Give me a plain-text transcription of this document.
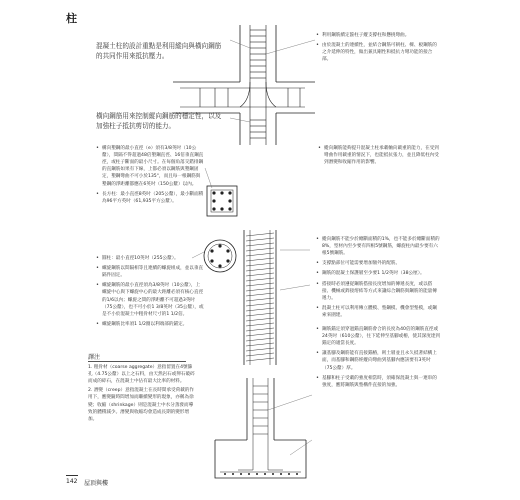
柱

混凝土柱的設計重點是利用縱向與橫向鋼筋的共同作用來抵抗壓力。

橫向鋼筋用來控制縱向鋼筋的穩定性，以及加強柱子抵抗剪切的能力。

• 利用鋼筋續定箍柱子縱支撐柱和懸挑彎曲。
• 由於混凝土的連續性，並結合鋼筋可朝柱、樑、板鋼筋的之介延伸的特性，做出兼具剛性和抵抗力彎功能的接合部。
• 構向墾鋼的最小直徑（e）須有3/8英吋（10公釐），間隔不得超過48倍墾鋼直徑、16倍垂直鋼直徑，或柱子斷面的最小尺寸。在每個角落交錯排鋼的直鋼筋如果有下線，上都必須以鋼筋與墾鋼固定，墾鋼彎曲不可小於135°，而且每一根鋼筋與墾鋼的淨距離都應在6英吋（150公釐）以內。
• 長方柱：最小直徑8英吋（205公釐），最小斷面積為96平方英吋（61,935平方公釐）。
• 縱向鋼筋能夠提升混凝土柱承載軸向載重的能力，在受到彎曲作用載重的情況下，也能抵抗張力，並且降低柱內受到潛變和收縮作用的影響。
• 圓柱：最小直徑10英吋（255公釐）。
• 螺旋鋼筋以間隔相等且連續的螺旋組成，並以垂直隔件固定。
• 螺旋鋼筋的最小直徑須為3/8英吋（10公釐），上螺旋中心與下螺旋中心的最大距離必須有核心直徑的1/6以內；螺旋之間的淨距離不可超過3英吋（75公釐），也不可小於1 3/8英吋（35公釐），或是不小於混凝土中粗骨材尺寸的1 1/2倍。
• 螺旋鋼筋比率須1 1/2圈以利端部的錨定。
• 縱向鋼筋不能少於總斷面積的1%，也不能多於總斷面積的8%，型材內至少要有四根5號鋼筋，螺旋柱內最少要有六根5號鋼筋。
• 支撐點部位可能需要增加額外的配筋。
• 鋼筋的混凝土保護層至少要1 1/2英吋（38公厘）。
• 搭接時必須遵從鋼筋搭接長度增加的傳遞長度，或以搭接、機械或銲接熔結等方式來讓綜合鋼筋與鋼筋的能量傳遞力。
• 混凝土柱可以利用傳立體模、墊鋼模、機會型墊模，或鋼索來圍建。
• 鋼筋錨定須穿過錨直鋼筋會合的長度為40倍的鋼筋直徑或24英吋（610公釐），往下延伸至基腳或樁，使其深度達到錨定的適當長度。
• 讓基腳及鋼筋能有直接錨樁，則土層並且永久抵著結構上面，而基腳和鋼筋經縱向彎曲到基腳內應該要有3英吋（75公釐）厚。
• 基腳和柱子受載的強度相當時，須確保混凝土與一連串的強度，應將鋼筋與墊構件直接的加強。
譯注
1. 粗骨材（coarse aggregate）意指留置在4號篩孔（4.75公釐）以上之石料，由天然岩石或卵石破碎而成的碎石，在混凝土中佔有最大比率的材料。
2. 潛變（creep）意指混凝土在長時間承受荷載的作用下，應變隨時間增加而繼續變形的現象，亦稱為徐變；收縮（shrinkage）則是混凝土中水分蒸發而導致的體積減少。潛變與收縮均會造成長期的變形增加。
142 屋頂與樓
